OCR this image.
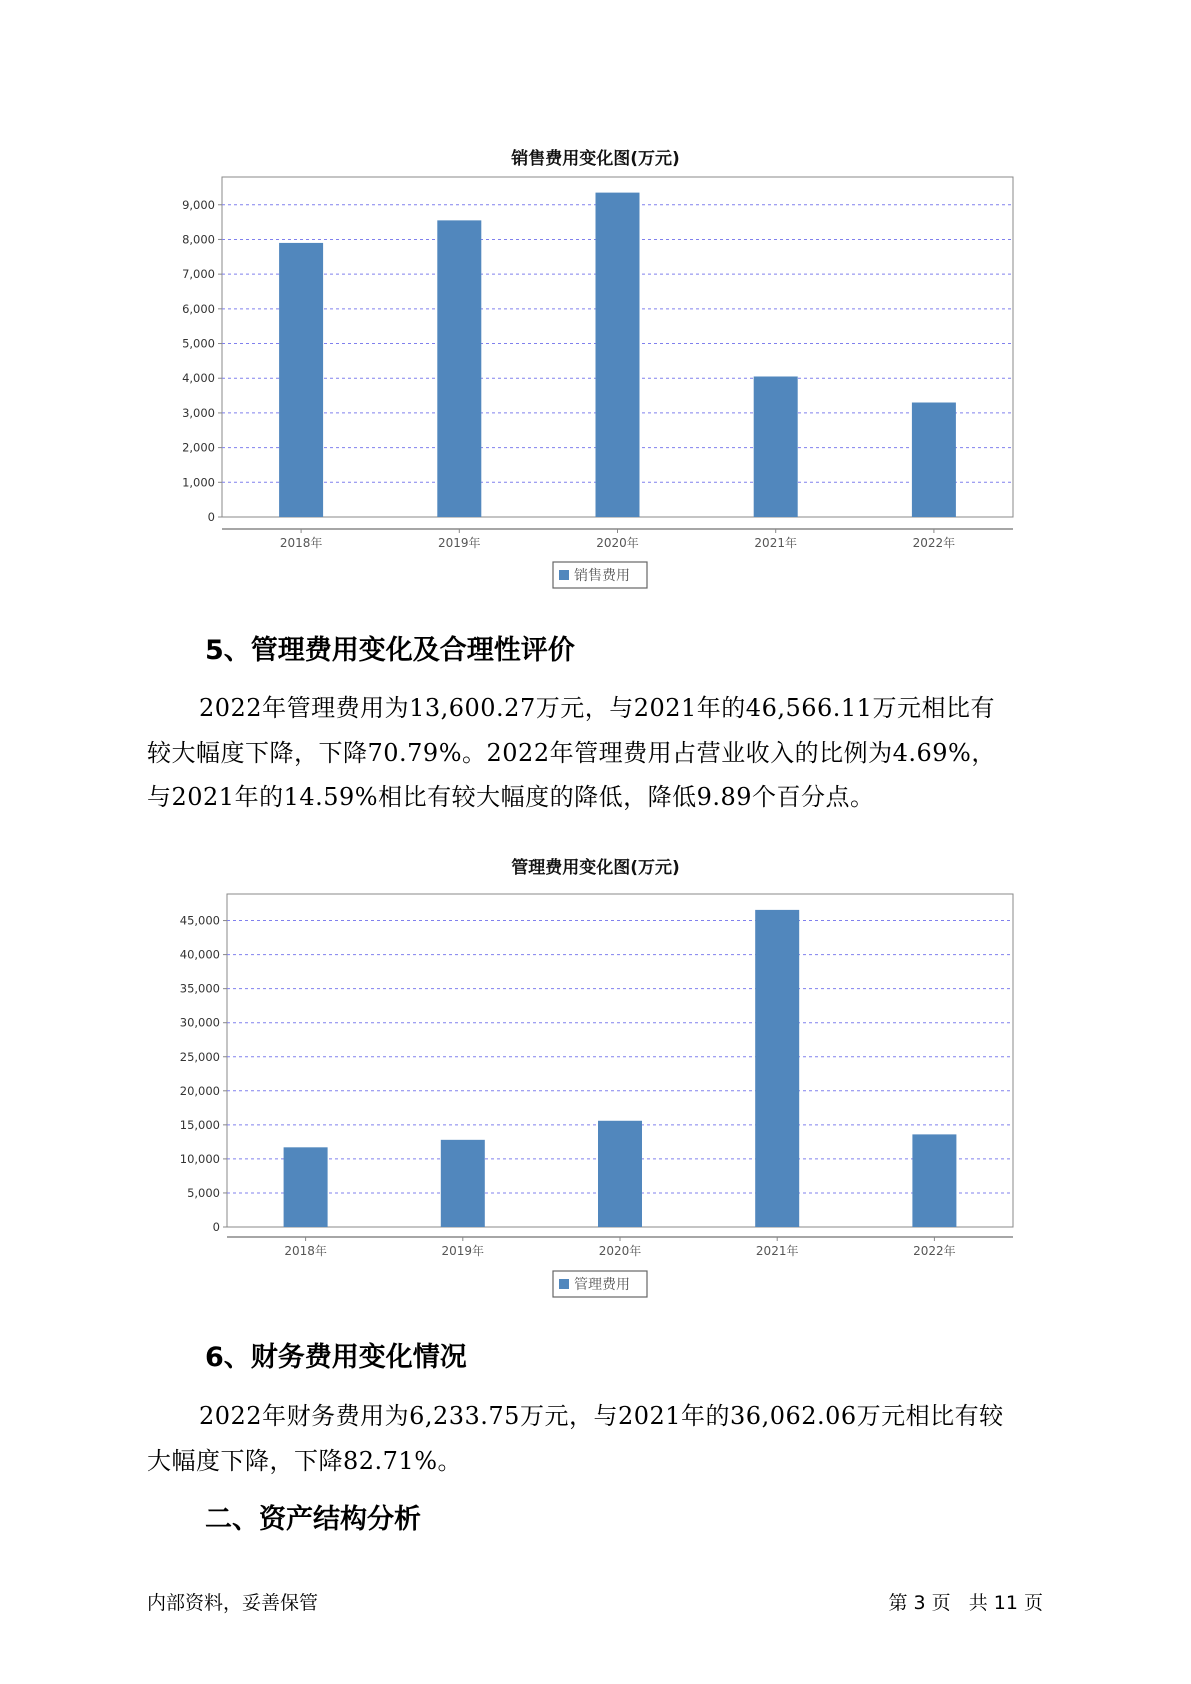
销售费用变化图(万元)
0
1,000
2,000
3,000
4,000
5,000
6,000
7,000
8,000
9,000
2018年	2019年	2020年	2021年	2022年
销售费用
5、管理费用变化及合理性评价
2022年管理费用为13,600.27万元，与2021年的46,566.11万元相比有
较大幅度下降，下降70.79%。2022年管理费用占营业收入的比例为4.69%，
与2021年的14.59%相比有较大幅度的降低，降低9.89个百分点。
管理费用变化图(万元)
0
5,000
10,000
15,000
20,000
25,000
30,000
35,000
40,000
45,000
2018年	2019年	2020年	2021年	2022年
管理费用
6、财务费用变化情况
2022年财务费用为6,233.75万元，与2021年的36,062.06万元相比有较
大幅度下降，下降82.71%。
二、资产结构分析
内部资料，妥善保管	第 3 页   共 11 页
